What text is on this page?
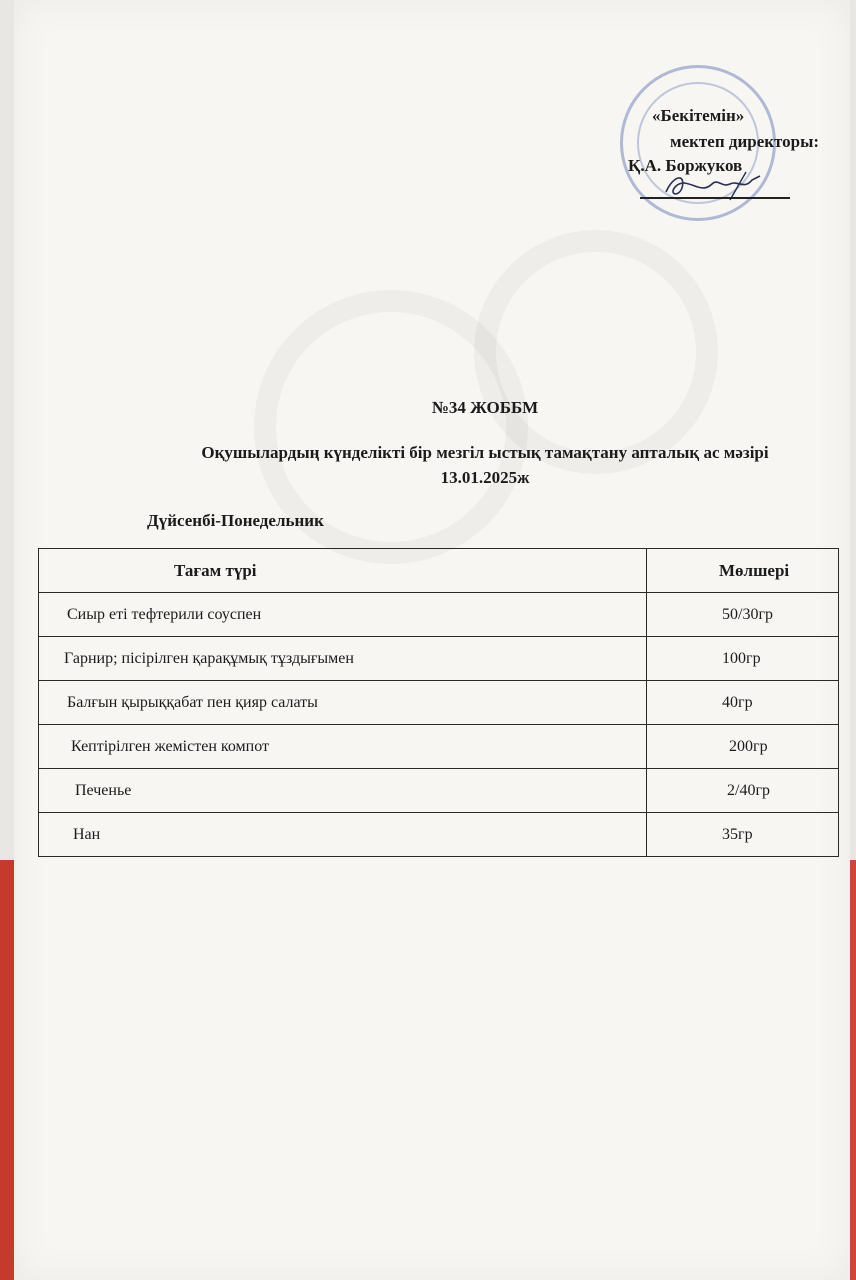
«Бекітемін»
мектеп директоры:
Қ.А. Боржуков
№34 ЖОББМ
Оқушылардың күнделікті бір мезгіл ыстық тамақтану апталық ас мәзірі
13.01.2025ж
Дүйсенбі-Понедельник
Тағам түрі	Мөлшері
Сиыр еті тефтерили соуспен	50/30гр
Гарнир; пісірілген қарақұмық тұздығымен	100гр
Балғын қырыққабат пен қияр салаты	40гр
Кептірілген жемістен компот	200гр
Печенье	2/40гр
Нан	35гр
